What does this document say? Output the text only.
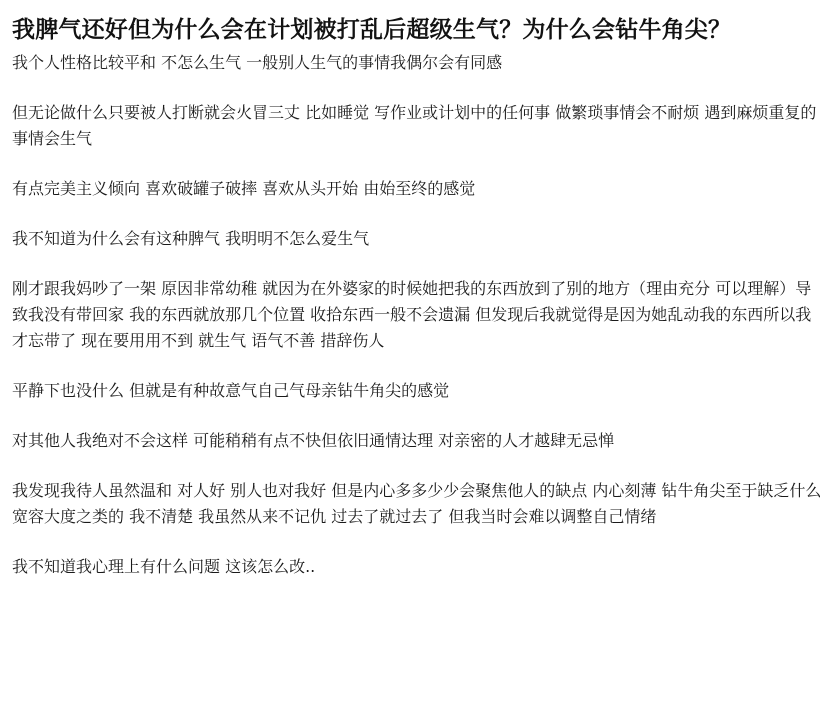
我脾气还好但为什么会在计划被打乱后超级生气？为什么会钻牛角尖？

我个人性格比较平和 不怎么生气 一般别人生气的事情我偶尔会有同感

但无论做什么只要被人打断就会火冒三丈 比如睡觉 写作业或计划中的任何事 做繁琐事情会不耐烦 遇到麻烦重复的事情会生气

有点完美主义倾向 喜欢破罐子破摔 喜欢从头开始 由始至终的感觉

我不知道为什么会有这种脾气 我明明不怎么爱生气

刚才跟我妈吵了一架 原因非常幼稚 就因为在外婆家的时候她把我的东西放到了别的地方（理由充分 可以理解）导致我没有带回家 我的东西就放那几个位置 收拾东西一般不会遗漏 但发现后我就觉得是因为她乱动我的东西所以我才忘带了 现在要用用不到 就生气 语气不善 措辞伤人

平静下也没什么 但就是有种故意气自己气母亲钻牛角尖的感觉

对其他人我绝对不会这样 可能稍稍有点不快但依旧通情达理 对亲密的人才越肆无忌惮

我发现我待人虽然温和 对人好 别人也对我好 但是内心多多少少会聚焦他人的缺点 内心刻薄 钻牛角尖至于缺乏什么宽容大度之类的 我不清楚 我虽然从来不记仇 过去了就过去了 但我当时会难以调整自己情绪

我不知道我心理上有什么问题 这该怎么改..
